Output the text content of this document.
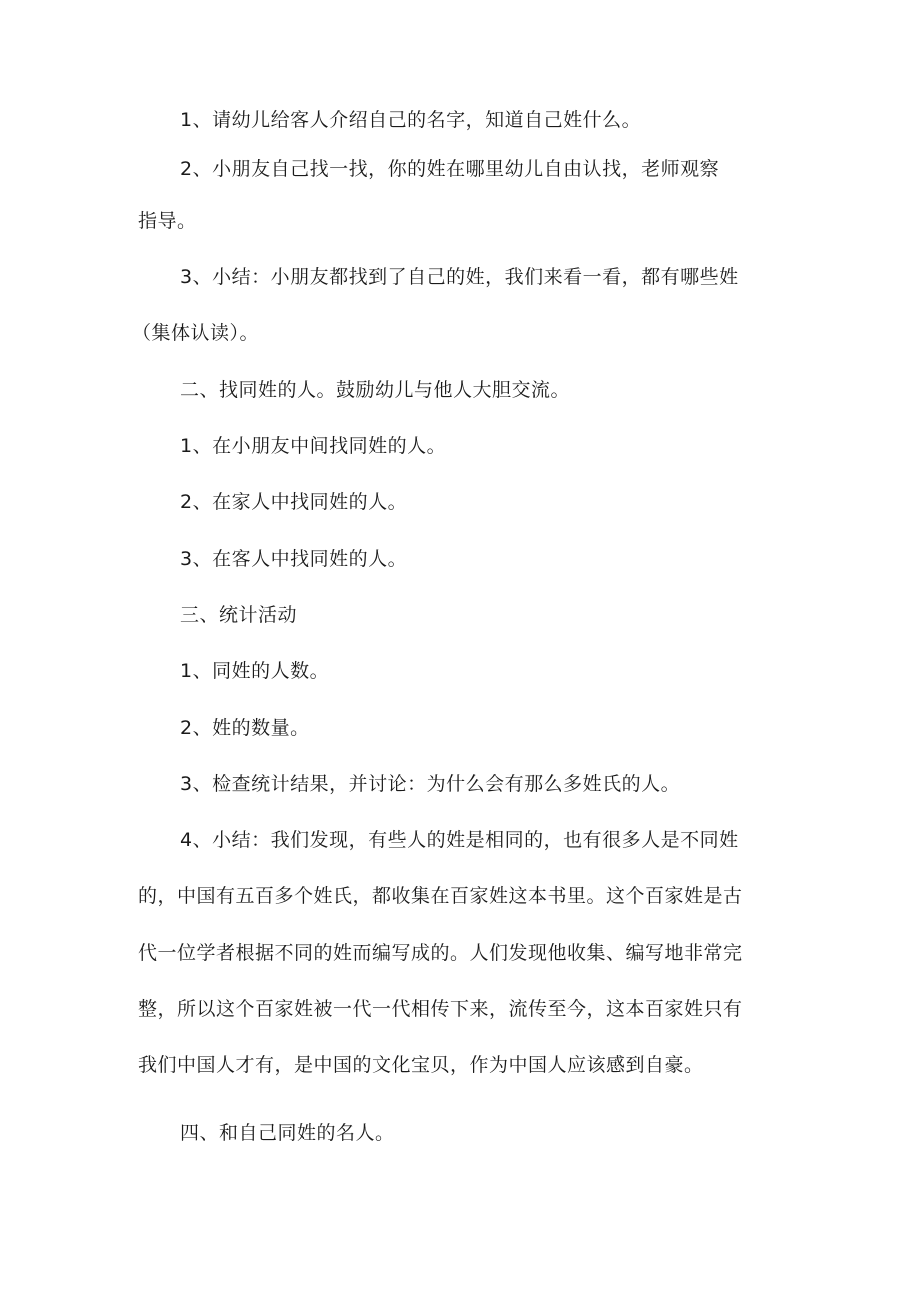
1、请幼儿给客人介绍自己的名字，知道自己姓什么。
2、小朋友自己找一找，你的姓在哪里幼儿自由认找，老师观察
指导。
3、小结：小朋友都找到了自己的姓，我们来看一看，都有哪些姓
（集体认读）。
二、找同姓的人。鼓励幼儿与他人大胆交流。
1、在小朋友中间找同姓的人。
2、在家人中找同姓的人。
3、在客人中找同姓的人。
三、统计活动
1、同姓的人数。
2、姓的数量。
3、检查统计结果，并讨论：为什么会有那么多姓氏的人。
4、小结：我们发现，有些人的姓是相同的，也有很多人是不同姓
的，中国有五百多个姓氏，都收集在百家姓这本书里。这个百家姓是古
代一位学者根据不同的姓而编写成的。人们发现他收集、编写地非常完
整，所以这个百家姓被一代一代相传下来，流传至今，这本百家姓只有
我们中国人才有，是中国的文化宝贝，作为中国人应该感到自豪。
四、和自己同姓的名人。
